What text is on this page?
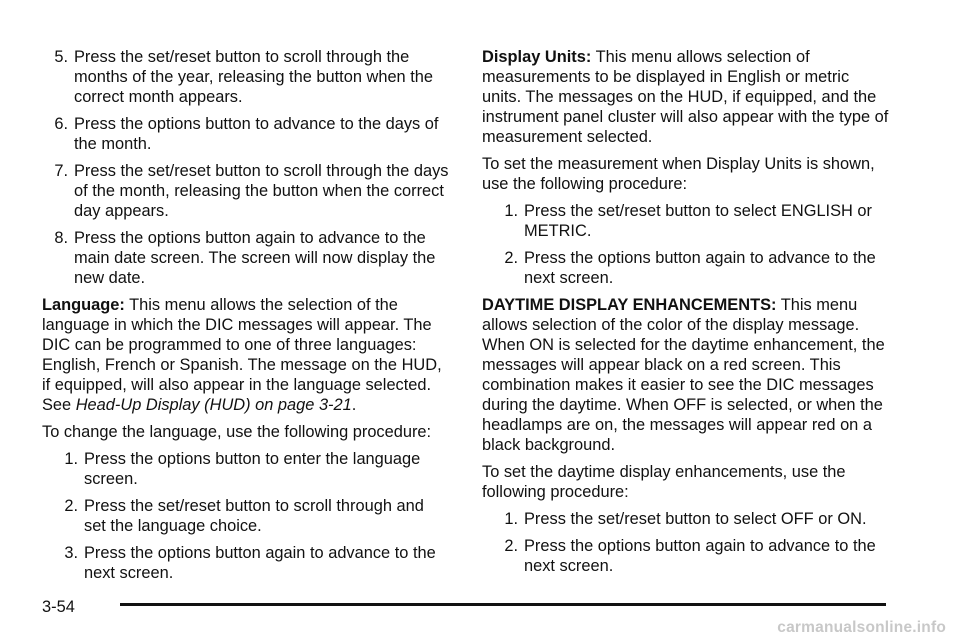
5. Press the set/reset button to scroll through the months of the year, releasing the button when the correct month appears.
6. Press the options button to advance to the days of the month.
7. Press the set/reset button to scroll through the days of the month, releasing the button when the correct day appears.
8. Press the options button again to advance to the main date screen. The screen will now display the new date.

Language: This menu allows the selection of the language in which the DIC messages will appear. The DIC can be programmed to one of three languages: English, French or Spanish. The message on the HUD, if equipped, will also appear in the language selected. See Head-Up Display (HUD) on page 3-21.

To change the language, use the following procedure:

1. Press the options button to enter the language screen.
2. Press the set/reset button to scroll through and set the language choice.
3. Press the options button again to advance to the next screen.

Display Units: This menu allows selection of measurements to be displayed in English or metric units. The messages on the HUD, if equipped, and the instrument panel cluster will also appear with the type of measurement selected.

To set the measurement when Display Units is shown, use the following procedure:

1. Press the set/reset button to select ENGLISH or METRIC.
2. Press the options button again to advance to the next screen.

DAYTIME DISPLAY ENHANCEMENTS: This menu allows selection of the color of the display message. When ON is selected for the daytime enhancement, the messages will appear black on a red screen. This combination makes it easier to see the DIC messages during the daytime. When OFF is selected, or when the headlamps are on, the messages will appear red on a black background.

To set the daytime display enhancements, use the following procedure:

1. Press the set/reset button to select OFF or ON.
2. Press the options button again to advance to the next screen.
3-54
carmanualsonline.info
